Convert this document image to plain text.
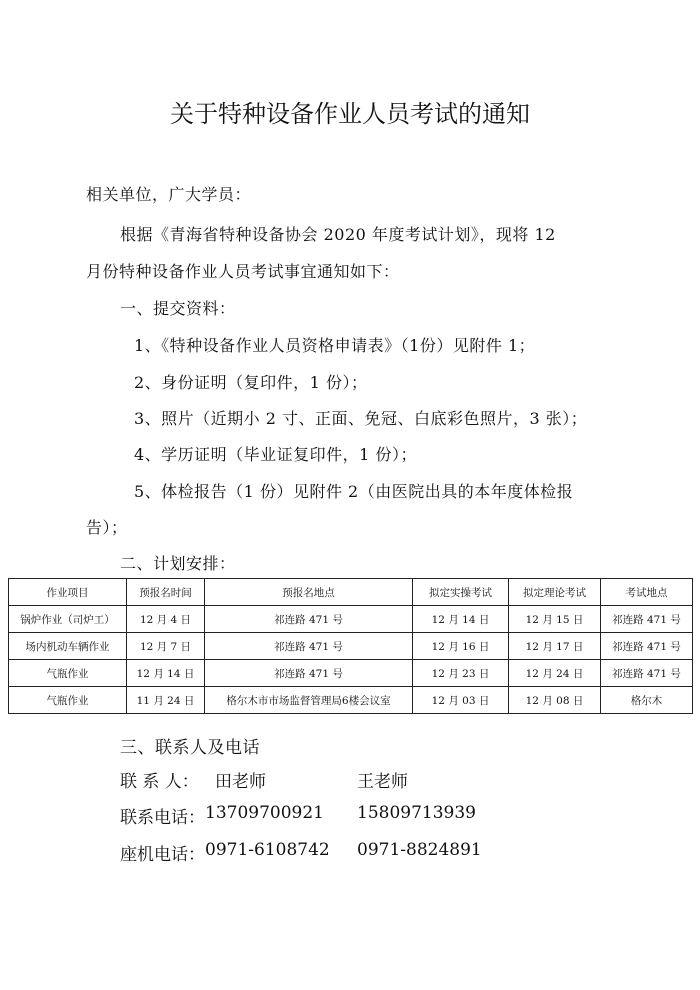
关于特种设备作业人员考试的通知
相关单位，广大学员：
根据《青海省特种设备协会 2020 年度考试计划》，现将 12
月份特种设备作业人员考试事宜通知如下：
一、提交资料：
1、《特种设备作业人员资格申请表》（1份）见附件 1；
2、身份证明（复印件，1 份）；
3、照片（近期小 2 寸、正面、免冠、白底彩色照片，3 张）；
4、学历证明（毕业证复印件，1 份）；
5、体检报告（1 份）见附件 2（由医院出具的本年度体检报
告）；
二、计划安排：
作业项目	预报名时间	预报名地点	拟定实操考试	拟定理论考试	考试地点
锅炉作业（司炉工）	12 月 4 日	祁连路 471 号	12 月 14 日	12 月 15 日	祁连路 471 号
场内机动车辆作业	12 月 7 日	祁连路 471 号	12 月 16 日	12 月 17 日	祁连路 471 号
气瓶作业	12 月 14 日	祁连路 471 号	12 月 23 日	12 月 24 日	祁连路 471 号
气瓶作业	11 月 24 日	格尔木市市场监督管理局6楼会议室	12 月 03 日	12 月 08 日	格尔木
三、联系人及电话
联 系 人： 田老师	王老师
联系电话： 13709700921 15809713939
座机电话： 0971-6108742 0971-8824891
